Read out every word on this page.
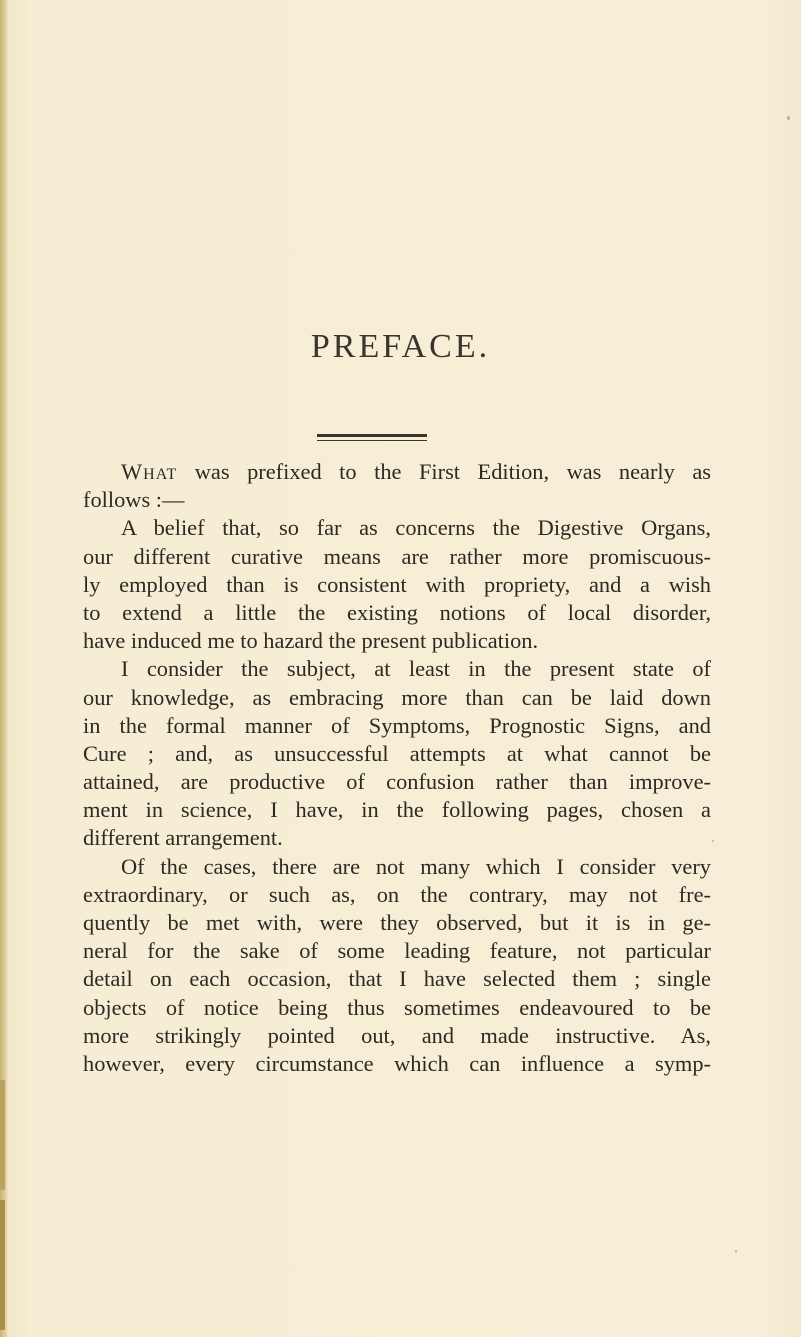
PREFACE.
What was prefixed to the First Edition, was nearly as
follows :—
A belief that, so far as concerns the Digestive Organs,
our different curative means are rather more promiscuous-
ly employed than is consistent with propriety, and a wish
to extend a little the existing notions of local disorder,
have induced me to hazard the present publication.
I consider the subject, at least in the present state of
our knowledge, as embracing more than can be laid down
in the formal manner of Symptoms, Prognostic Signs, and
Cure ; and, as unsuccessful attempts at what cannot be
attained, are productive of confusion rather than improve-
ment in science, I have, in the following pages, chosen a
different arrangement.
Of the cases, there are not many which I consider very
extraordinary, or such as, on the contrary, may not fre-
quently be met with, were they observed, but it is in ge-
neral for the sake of some leading feature, not particular
detail on each occasion, that I have selected them ; single
objects of notice being thus sometimes endeavoured to be
more strikingly pointed out, and made instructive. As,
however, every circumstance which can influence a symp-
